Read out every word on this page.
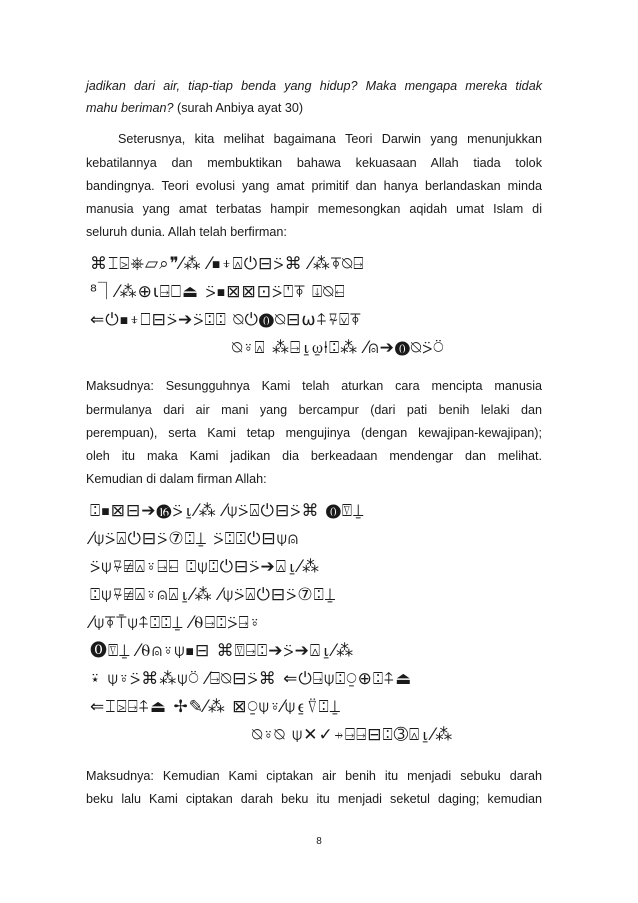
jadikan dari air, tiap-tiap benda yang hidup? Maka mengapa mereka tidak
mahu beriman? (surah Anbiya ayat 30)
Seterusnya, kita melihat bagaimana Teori Darwin yang menunjukkan
kebatilannya dan membuktikan bahawa kekuasaan Allah tiada tolok
bandingnya. Teori evolusi yang amat primitif dan hanya berlandaskan minda
manusia yang amat terbatas hampir memesongkan aqidah umat Islam di
seluruh dunia. Allah telah berfirman:
⌘⌶⍄⎈⏥⌕❞⁄⁂ ⁄⏹⍖⍓⏻⊟⍩⌘ ⁄⁂⍕⍉⍈
⁸⏋⁄⁂⊕⍳⍈⎕⏏ ⍩⏹⊠⊠⊡⍩⍞⍕ ⍗⍉⍇
⇐⏻⏹⍖⎕⊟⍩➔⍩⍠⍠ ⍉⏻⓿⍉⊟⍵⍏⍫⍌⍕
⍉⍤⍓ ⁂⍈⍸⍹⍿⍠⁂ ⁄⍝➔⓿⍉⍩⍥
Maksudnya: Sesungguhnya Kami telah aturkan cara mencipta manusia
bermulanya dari air mani yang bercampur (dari pati benih lelaki dan
perempuan), serta Kami tetap mengujinya (dengan kewajipan-kewajipan);
oleh itu maka Kami jadikan dia berkeadaan mendengar dan melihat.
Kemudian di dalam firman Allah:
⍠⏹⊠⊟➔⓰⍩⍸⁄⁂ ⁄⍦⍩⍓⏻⊟⍩⌘ ⓿⍔⍊
⁄⍦⍩⍓⏻⊟⍩⑦⍠⍊ ⍩⍠⍠⏻⊟⍦⍝
⍩⍦⍫⍯⍓⍤⍈⍇ ⍠⍦⍠⏻⊟⍩➔⍓⍸⁄⁂
⍠⍦⍫⍯⍓⍤⍝⍓⍸⁄⁂ ⁄⍦⍩⍓⏻⊟⍩⑦⍠⍊
⁄⍦⍕⍑⍦⍏⍠⍠⍊ ⁄⍬⍈⍠⍩⍈⍤
⓿⍔⍊ ⁄⍬⍝⍤⍦⏹⊟ ⌘⍔⍈⍠➔⍩➔⍓⍸⁄⁂
⍣ ⍦⍤⍩⌘⁂⍦⍥ ⁄⍈⍉⊟⍩⌘ ⇐⏻⍈⍦⍠⍜⊕⍠⍏⏏
⇐⌶⍄⍈⍏⏏ ✢✎⁄⁂ ⊠⍜⍦⍤⁄⍦⍷⍢⍠⍊
⍉⍤⍉ ⍦✕✓⍆⍈⍈⊟⍠➂⍓⍸⁄⁂
Maksudnya: Kemudian Kami ciptakan air benih itu menjadi sebuku darah
beku lalu Kami ciptakan darah beku itu menjadi seketul daging; kemudian
8
